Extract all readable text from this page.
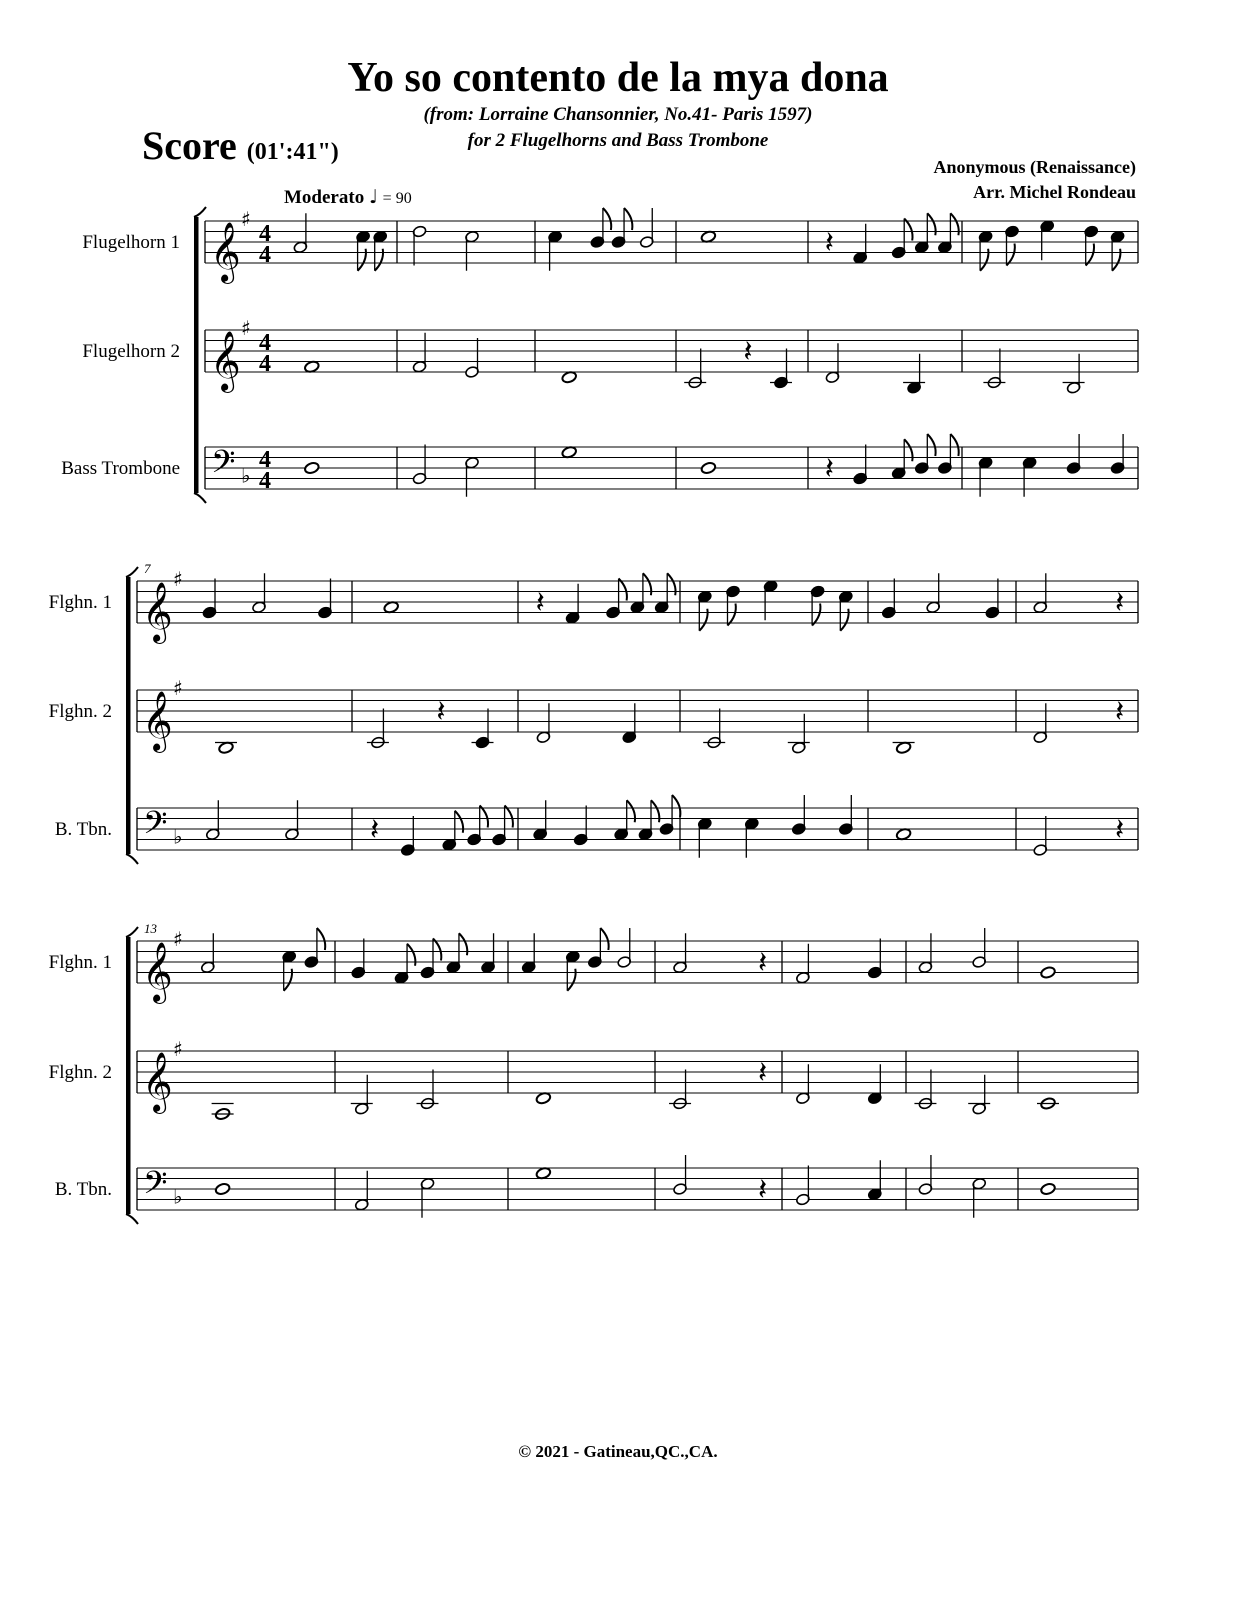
Yo so contento de la mya dona
(from: Lorraine Chansonnier, No.41- Paris 1597)
for 2 Flugelhorns and Bass Trombone
Score (01':41")
Anonymous (Renaissance)
Arr. Michel Rondeau
Moderato ♩ = 90
Flugelhorn 1 𝄞
♯
4
4	𝄽
Flugelhorn 2 𝄞
♯
4
4	𝄽
Bass Trombone 𝄢 ♭
4
4	𝄽
7
Flghn. 1 𝄞
♯
𝄽	𝄽
Flghn. 2 𝄞
♯
𝄽	𝄽
B. Tbn. 𝄢 ♭	𝄽	𝄽
13
Flghn. 1 𝄞
♯
𝄽
Flghn. 2 𝄞
♯
𝄽
B. Tbn. 𝄢 ♭	𝄽
© 2021 - Gatineau,QC.,CA.
